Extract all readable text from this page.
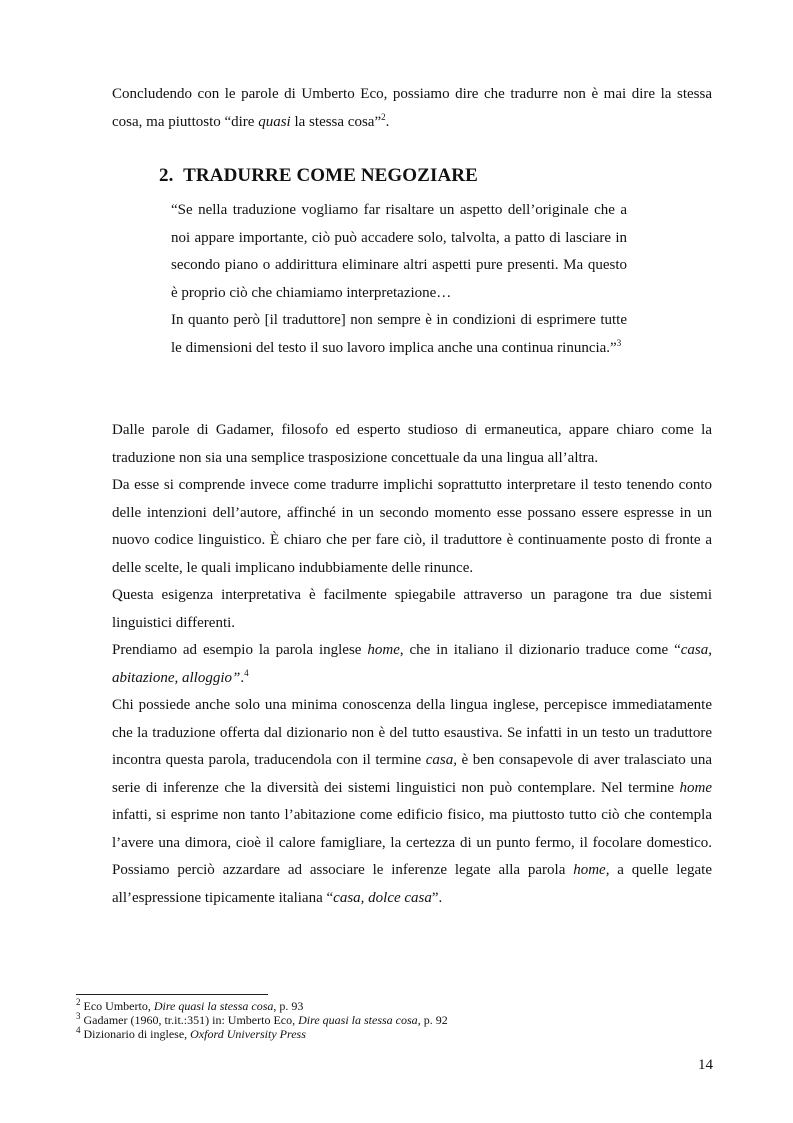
Concludendo con le parole di Umberto Eco, possiamo dire che tradurre non è mai dire la stessa cosa, ma piuttosto “dire quasi la stessa cosa”$^2$.

2. TRADURRE COME NEGOZIARE

“Se nella traduzione vogliamo far risaltare un aspetto dell’originale che a noi appare importante, ciò può accadere solo, talvolta, a patto di lasciare in secondo piano o addirittura eliminare altri aspetti pure presenti. Ma questo è proprio ciò che chiamiamo interpretazione…

In quanto però [il traduttore] non sempre è in condizioni di esprimere tutte le dimensioni del testo il suo lavoro implica anche una continua rinuncia.”$^3$

Dalle parole di Gadamer, filosofo ed esperto studioso di ermaneutica, appare chiaro come la traduzione non sia una semplice trasposizione concettuale da una lingua all’altra.

Da esse si comprende invece come tradurre implichi soprattutto interpretare il testo tenendo conto delle intenzioni dell’autore, affinché in un secondo momento esse possano essere espresse in un nuovo codice linguistico. È chiaro che per fare ciò, il traduttore è continuamente posto di fronte a delle scelte, le quali implicano indubbiamente delle rinunce.

Questa esigenza interpretativa è facilmente spiegabile attraverso un paragone tra due sistemi linguistici differenti.

Prendiamo ad esempio la parola inglese home, che in italiano il dizionario traduce come “casa, abitazione, alloggio”.$^4$

Chi possiede anche solo una minima conoscenza della lingua inglese, percepisce immediatamente che la traduzione offerta dal dizionario non è del tutto esaustiva. Se infatti in un testo un traduttore incontra questa parola, traducendola con il termine casa, è ben consapevole di aver tralasciato una serie di inferenze che la diversità dei sistemi linguistici non può contemplare. Nel termine home infatti, si esprime non tanto l’abitazione come edificio fisico, ma piuttosto tutto ciò che contempla l’avere una dimora, cioè il calore famigliare, la certezza di un punto fermo, il focolare domestico. Possiamo perciò azzardare ad associare le inferenze legate alla parola home, a quelle legate all’espressione tipicamente italiana “casa, dolce casa”.

$^2$ Eco Umberto, Dire quasi la stessa cosa, p. 93
$^3$ Gadamer (1960, tr.it.:351) in: Umberto Eco, Dire quasi la stessa cosa, p. 92
$^4$ Dizionario di inglese, Oxford University Press
14
